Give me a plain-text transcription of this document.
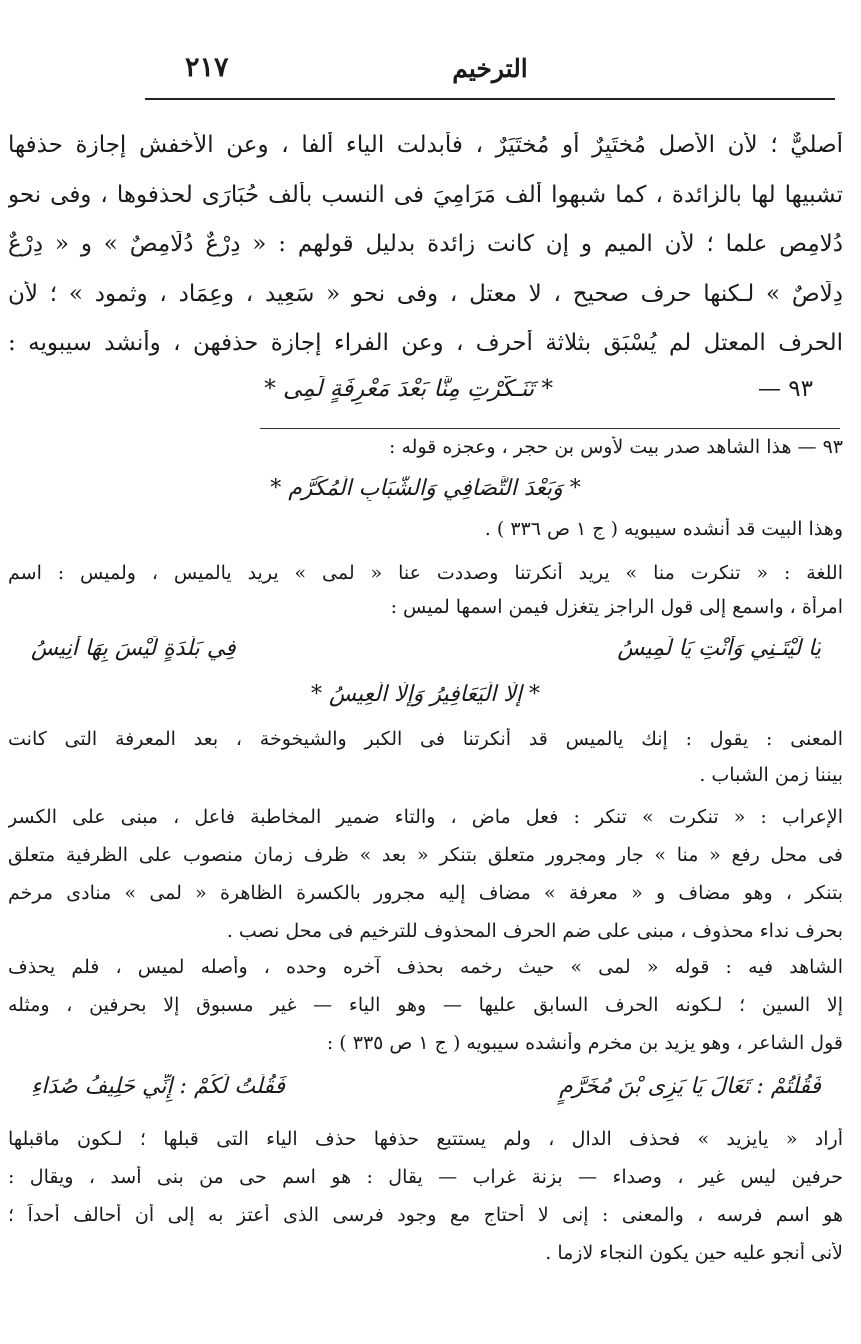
الترخيم
٢١٧
أصليٌّ ؛ لأن الأصل مُختَيِرٌ أو مُختَيَرٌ ، فأبدلت الياء ألفا ، وعن الأخفش إجازة حذفها
تشبيها لها بالزائدة ، كما شبهوا ألف مَرَامِيَ فى النسب بألف حُبَارَى لحذفوها ، وفى نحو
دُلامِص علما ؛ لأن الميم و إن كانت زائدة بدليل قولهم : « دِرْعٌ دُلَامِصٌ » و « دِرْعٌ
دِلَاصٌ » لـكنها حرف صحيح ، لا معتل ، وفى نحو « سَعِيد ، وعِمَاد ، وثمود » ؛ لأن
الحرف المعتل لم يُسْبَق بثلاثة أحرف ، وعن الفراء إجازة حذفهن ، وأنشد سيبويه :
٩٣ —
* تَنَـكَّرْتِ مِنَّا بَعْدَ مَعْرِفَةٍ لَمِى *
٩٣ — هذا الشاهد صدر بيت لأوس بن حجر ، وعجزه قوله :
* وَبَعْدَ التَّصَافِي وَالشَّبَابِ الْمُكَرَّمِ *
وهذا البيت قد أنشده سيبويه ( ج ١ ص ٣٣٦ ) .
اللغة : « تنكرت منا » يريد أنكرتنا وصددت عنا « لمى » يريد يالميس ، ولميس : اسم
امرأة ، واسمع إلى قول الراجز يتغزل فيمن اسمها لميس :
يَا لَيْتَـنِي وَأَنْتِ يَا لَمِيسُ
فِي بَلْدَةٍ لَيْسَ بِهَا أَنِيسُ
* إِلَّا الْيَعَافِيرُ وَإِلَّا الْعِيسُ *
المعنى : يقول : إنك يالميس قد أنكرتنا فى الكبر والشيخوخة ، بعد المعرفة التى كانت
بيننا زمن الشباب .
الإعراب : « تنكرت » تنكر : فعل ماض ، والتاء ضمير المخاطبة فاعل ، مبنى على الكسر
فى محل رفع « منا » جار ومجرور متعلق بتنكر « بعد » ظرف زمان منصوب على الظرفية متعلق
بتنكر ، وهو مضاف و « معرفة » مضاف إليه مجرور بالكسرة الظاهرة « لمى » منادى مرخم
بحرف نداء محذوف ، مبنى على ضم الحرف المحذوف للترخيم فى محل نصب .
الشاهد فيه : قوله « لمى » حيث رخمه بحذف آخره وحده ، وأصله لميس ، فلم يحذف
إلا السين ؛ لـكونه الحرف السابق عليها — وهو الياء — غير مسبوق إلا بحرفين ، ومثله
قول الشاعر ، وهو يزيد بن مخرم وأنشده سيبويه ( ج ١ ص ٣٣٥ ) :
فَقُلْتُمْ : تَعَالَ يَا يَزِى بْنَ مُخَرَّمٍ
فَقُلْتُ لَكُمْ : إِنِّي حَلِيفُ صُدَاءِ
أراد « يايزيد » فحذف الدال ، ولم يستتبع حذفها حذف الياء التى قبلها ؛ لـكون ماقبلها
حرفين ليس غير ، وصداء — بزنة غراب — يقال : هو اسم حى من بنى أسد ، ويقال :
هو اسم فرسه ، والمعنى : إنى لا أحتاج مع وجود فرسى الذى أعتز به إلى أن أحالف أحداً ؛
لأنى أنجو عليه حين يكون النجاء لازما .
